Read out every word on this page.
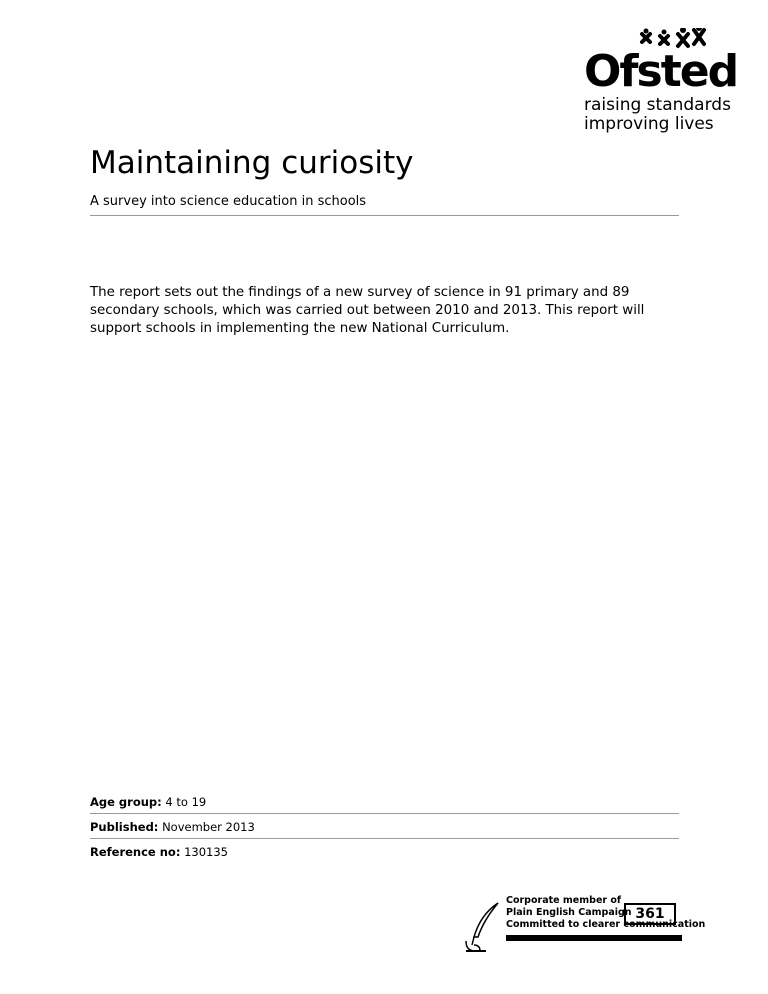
Ofsted
raising standards
improving lives
Maintaining curiosity
A survey into science education in schools

The report sets out the findings of a new survey of science in 91 primary and 89 secondary schools, which was carried out between 2010 and 2013. This report will support schools in implementing the new National Curriculum.

Age group: 4 to 19
Published: November 2013
Reference no: 130135
Corporate member of
Plain English Campaign
Committed to clearer communication
361
